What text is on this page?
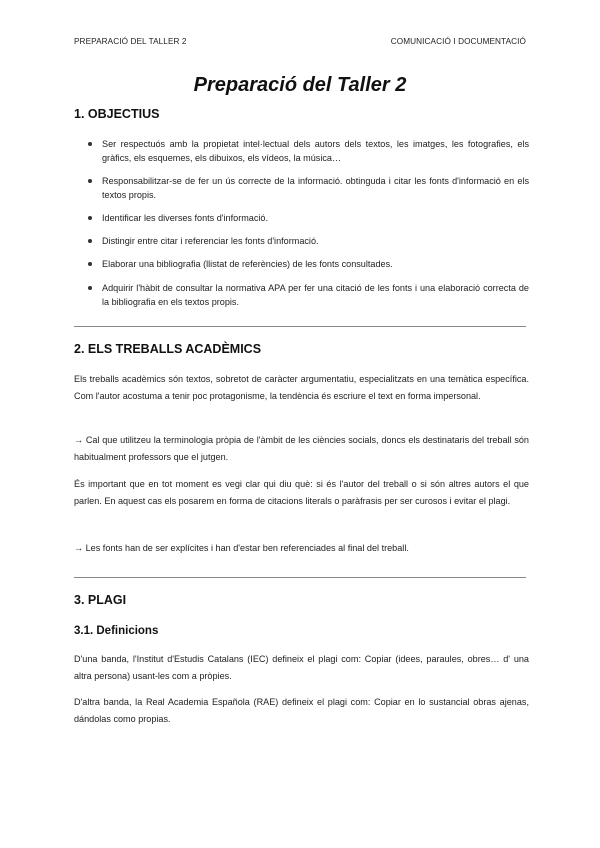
PREPARACIÓ DEL TALLER 2	COMUNICACIÓ I DOCUMENTACIÓ
Preparació del Taller 2
1. OBJECTIUS
Ser respectuós amb la propietat intel·lectual dels autors dels textos, les imatges, les fotografies, els gràfics, els esquemes, els dibuixos, els vídeos, la música…
Responsabilitzar-se de fer un ús correcte de la informació. obtinguda i citar les fonts d'informació en els textos propis.
Identificar les diverses fonts d'informació.
Distingir entre citar i referenciar les fonts d'informació.
Elaborar una bibliografia (llistat de referències) de les fonts consultades.
Adquirir l'hàbit de consultar la normativa APA per fer una citació de les fonts i una elaboració correcta de la bibliografia en els textos propis.
2. ELS TREBALLS ACADÈMICS

Els treballs acadèmics són textos, sobretot de caràcter argumentatiu, especialitzats en una temàtica específica. Com l'autor acostuma a tenir poc protagonisme, la tendència és escriure el text en forma impersonal.

→ Cal que utilitzeu la terminologia pròpia de l'àmbit de les ciències socials, doncs els destinataris del treball són habitualment professors que el jutgen.

És important que en tot moment es vegi clar qui diu què: si és l'autor del treball o si són altres autors el que parlen. En aquest cas els posarem en forma de citacions literals o paràfrasis per ser curosos i evitar el plagi.

→ Les fonts han de ser explícites i han d'estar ben referenciades al final del treball.

3. PLAGI
3.1. Definicions

D'una banda, l'Institut d'Estudis Catalans (IEC) defineix el plagi com: Copiar (idees, paraules, obres… d' una altra persona) usant-les com a pròpies.

D'altra banda, la Real Academia Española (RAE) defineix el plagi com: Copiar en lo sustancial obras ajenas, dándolas como propias.
